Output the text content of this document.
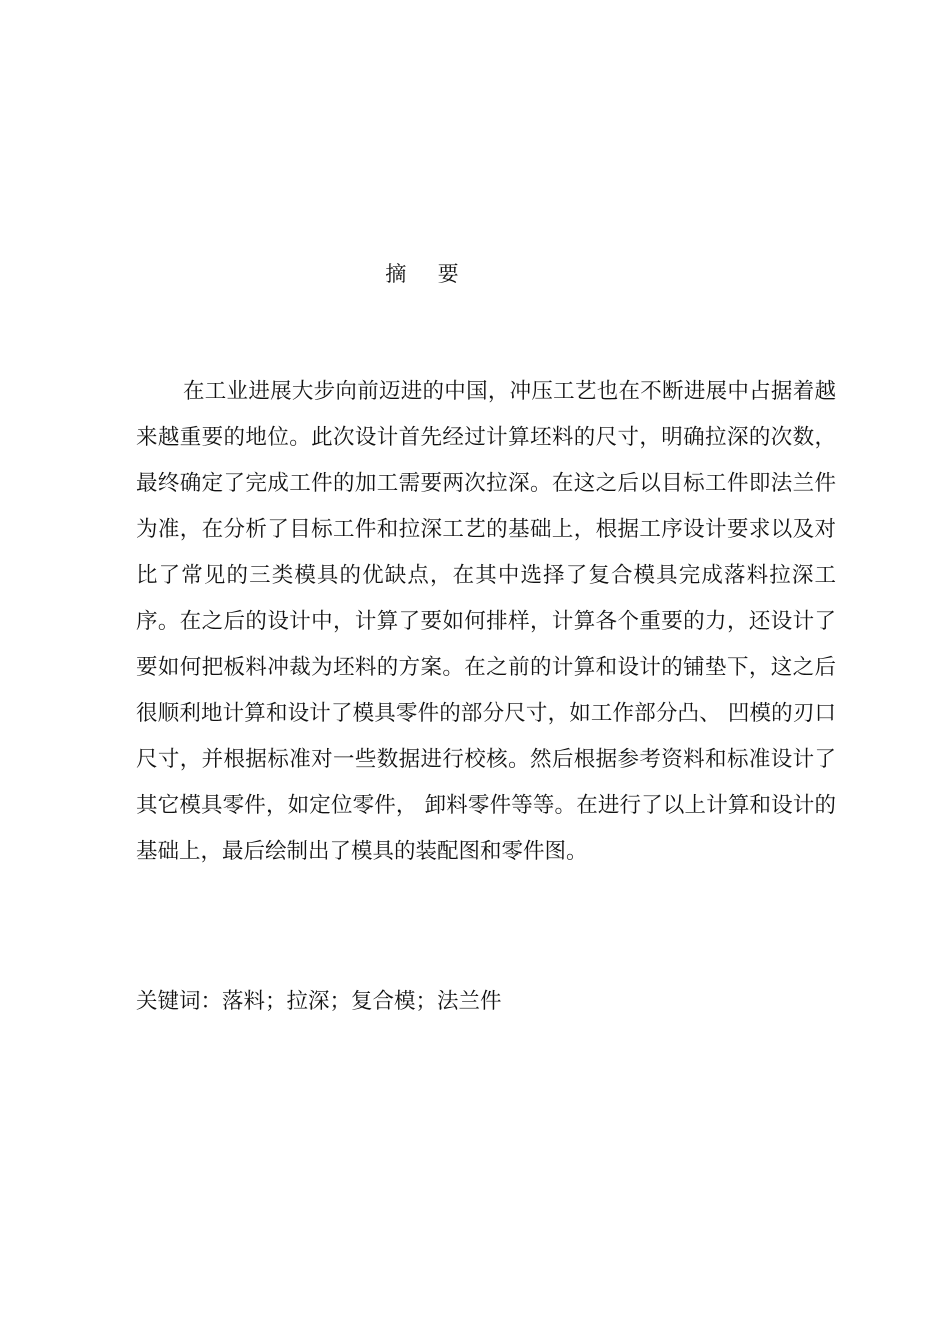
摘  要

在工业进展大步向前迈进的中国，冲压工艺也在不断进展中占据着越来越重要的地位。此次设计首先经过计算坯料的尺寸，明确拉深的次数，最终确定了完成工件的加工需要两次拉深。在这之后以目标工件即法兰件为准，在分析了目标工件和拉深工艺的基础上，根据工序设计要求以及对比了常见的三类模具的优缺点，在其中选择了复合模具完成落料拉深工序。在之后的设计中，计算了要如何排样，计算各个重要的力，还设计了要如何把板料冲裁为坯料的方案。在之前的计算和设计的铺垫下，这之后很顺利地计算和设计了模具零件的部分尺寸，如工作部分凸、 凹模的刃口尺寸，并根据标准对一些数据进行校核。然后根据参考资料和标准设计了其它模具零件，如定位零件， 卸料零件等等。在进行了以上计算和设计的基础上，最后绘制出了模具的装配图和零件图。

关键词：落料；拉深；复合模；法兰件
